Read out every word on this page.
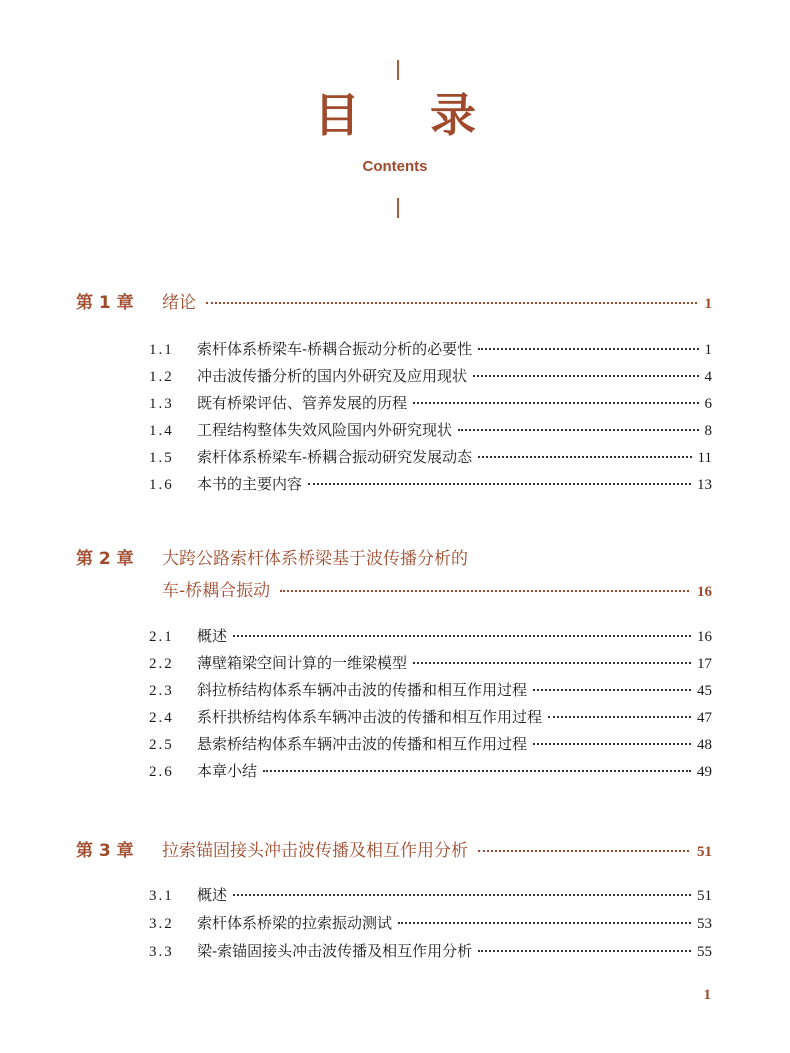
目 录
Contents
第 1 章	绪论	1
1.1	索杆体系桥梁车-桥耦合振动分析的必要性	1
1.2	冲击波传播分析的国内外研究及应用现状	4
1.3	既有桥梁评估、管养发展的历程	6
1.4	工程结构整体失效风险国内外研究现状	8
1.5	索杆体系桥梁车-桥耦合振动研究发展动态	11
1.6	本书的主要内容	13
第 2 章	大跨公路索杆体系桥梁基于波传播分析的
车-桥耦合振动	16
2.1	概述	16
2.2	薄壁箱梁空间计算的一维梁模型	17
2.3	斜拉桥结构体系车辆冲击波的传播和相互作用过程	45
2.4	系杆拱桥结构体系车辆冲击波的传播和相互作用过程	47
2.5	悬索桥结构体系车辆冲击波的传播和相互作用过程	48
2.6	本章小结	49
第 3 章	拉索锚固接头冲击波传播及相互作用分析	51
3.1	概述	51
3.2	索杆体系桥梁的拉索振动测试	53
3.3	梁-索锚固接头冲击波传播及相互作用分析	55
1
